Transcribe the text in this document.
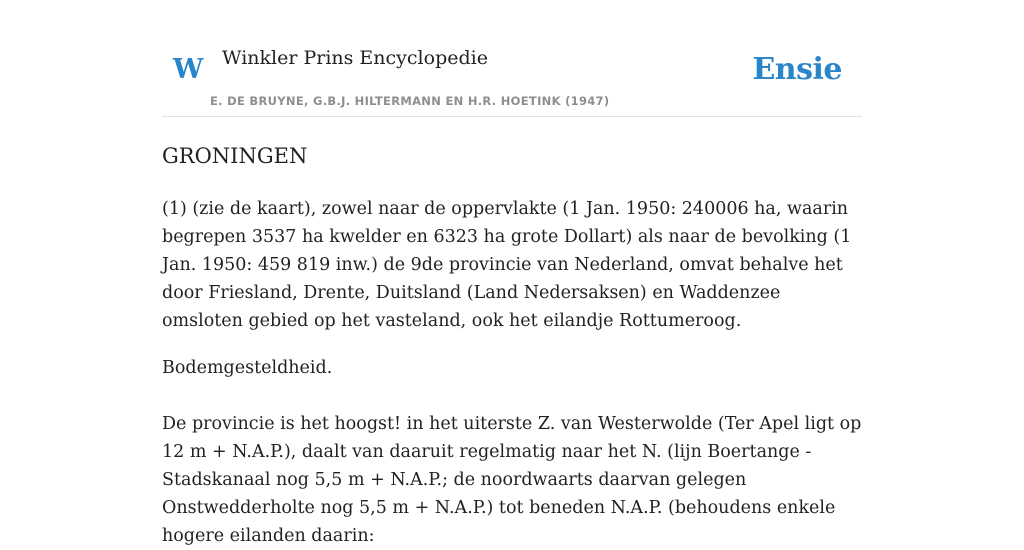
W Winkler Prins Encyclopedie
E. DE BRUYNE, G.B.J. HILTERMANN EN H.R. HOETINK (1947)
Ensie
GRONINGEN

(1) (zie de kaart), zowel naar de oppervlakte (1 Jan. 1950: 240006 ha, waarin begrepen 3537 ha kwelder en 6323 ha grote Dollart) als naar de bevolking (1 Jan. 1950: 459 819 inw.) de 9de provincie van Nederland, omvat behalve het door Friesland, Drente, Duitsland (Land Nedersaksen) en Waddenzee omsloten gebied op het vasteland, ook het eilandje Rottumeroog.

Bodemgesteldheid.

De provincie is het hoogst! in het uiterste Z. van Westerwolde (Ter Apel ligt op 12 m + N.A.P.), daalt van daaruit regelmatig naar het N. (lijn Boertange - Stadskanaal nog 5,5 m + N.A.P.; de noordwaarts daarvan gelegen Onstwedderholte nog 5,5 m + N.A.P.) tot beneden N.A.P. (behoudens enkele hogere eilanden daarin:
